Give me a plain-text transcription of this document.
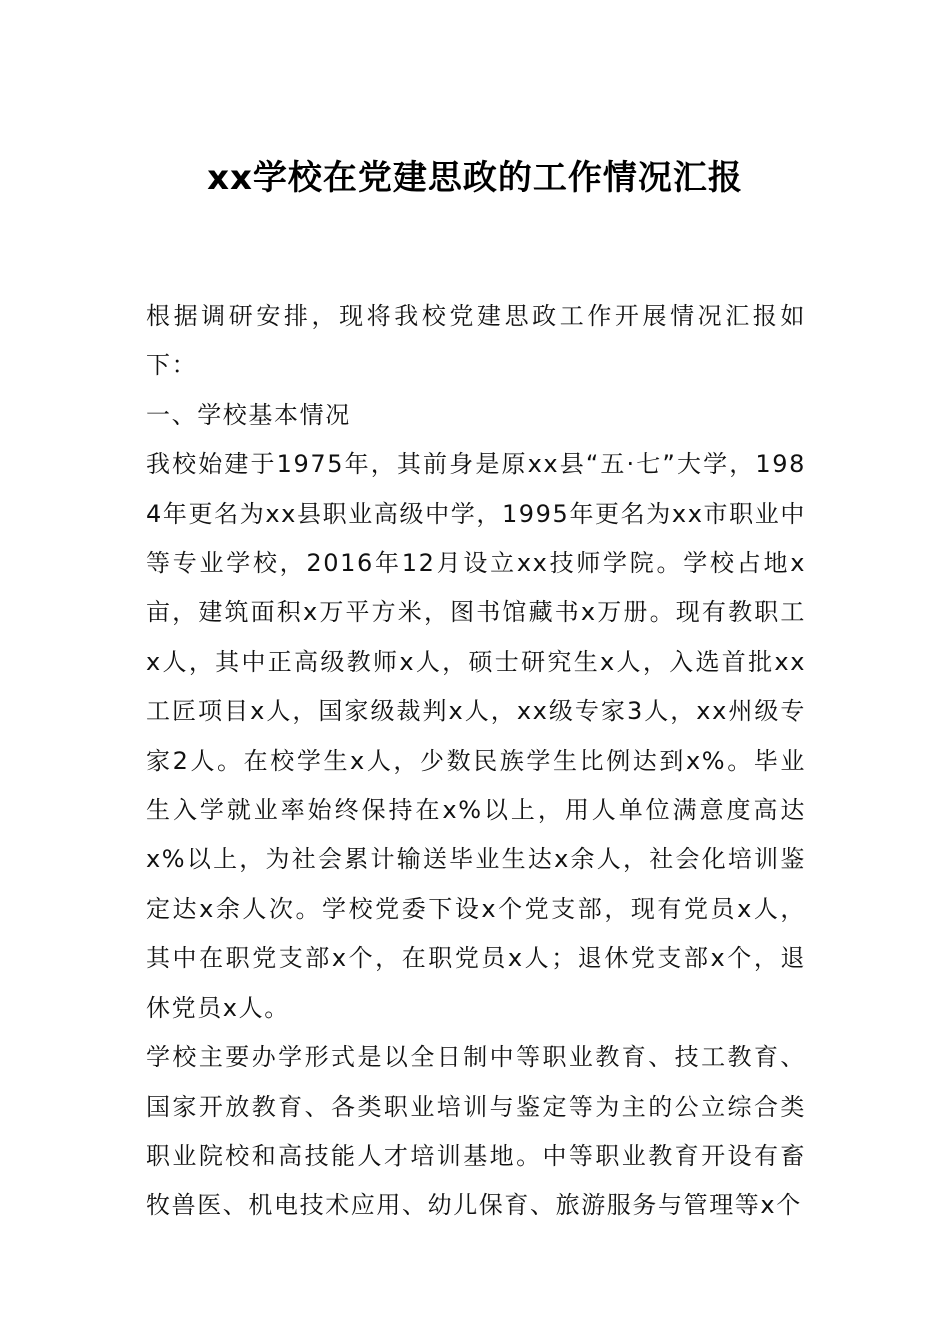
xx学校在党建思政的工作情况汇报

根据调研安排，现将我校党建思政工作开展情况汇报如下：

一、学校基本情况

我校始建于1975年，其前身是原xx县“五·七”大学，1984年更名为xx县职业高级中学，1995年更名为xx市职业中等专业学校，2016年12月设立xx技师学院。学校占地x亩，建筑面积x万平方米，图书馆藏书x万册。现有教职工x人，其中正高级教师x人，硕士研究生x人，入选首批xx工匠项目x人，国家级裁判x人，xx级专家3人，xx州级专家2人。在校学生x人，少数民族学生比例达到x%。毕业生入学就业率始终保持在x%以上，用人单位满意度高达x%以上，为社会累计输送毕业生达x余人，社会化培训鉴定达x余人次。学校党委下设x个党支部，现有党员x人，其中在职党支部x个，在职党员x人；退休党支部x个，退休党员x人。

学校主要办学形式是以全日制中等职业教育、技工教育、国家开放教育、各类职业培训与鉴定等为主的公立综合类职业院校和高技能人才培训基地。中等职业教育开设有畜牧兽医、机电技术应用、幼儿保育、旅游服务与管理等x个
